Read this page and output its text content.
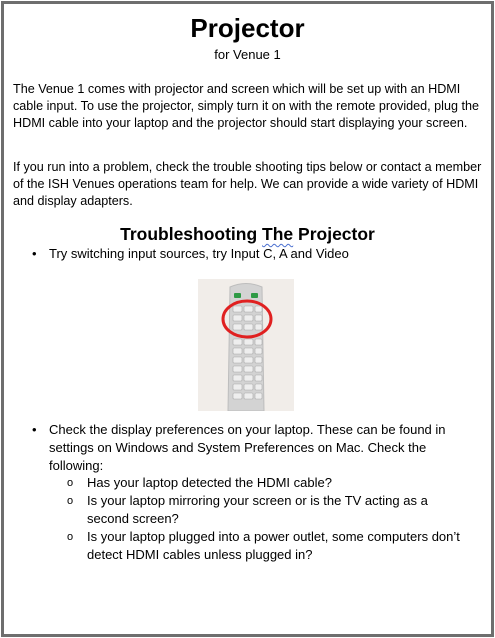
Projector
for Venue 1
The Venue 1 comes with projector and screen which will be set up with an HDMI cable input. To use the projector, simply turn it on with the remote provided, plug the HDMI cable into your laptop and the projector should start displaying your screen.
If you run into a problem, check the trouble shooting tips below or contact a member of the ISH Venues operations team for help. We can provide a wide variety of HDMI and display adapters.
Troubleshooting The Projector
• Try switching input sources, try Input C, A and Video
• Check the display preferences on your laptop. These can be found in settings on Windows and System Preferences on Mac. Check the following:
o Has your laptop detected the HDMI cable?
o Is your laptop mirroring your screen or is the TV acting as a second screen?
o Is your laptop plugged into a power outlet, some computers don’t detect HDMI cables unless plugged in?
